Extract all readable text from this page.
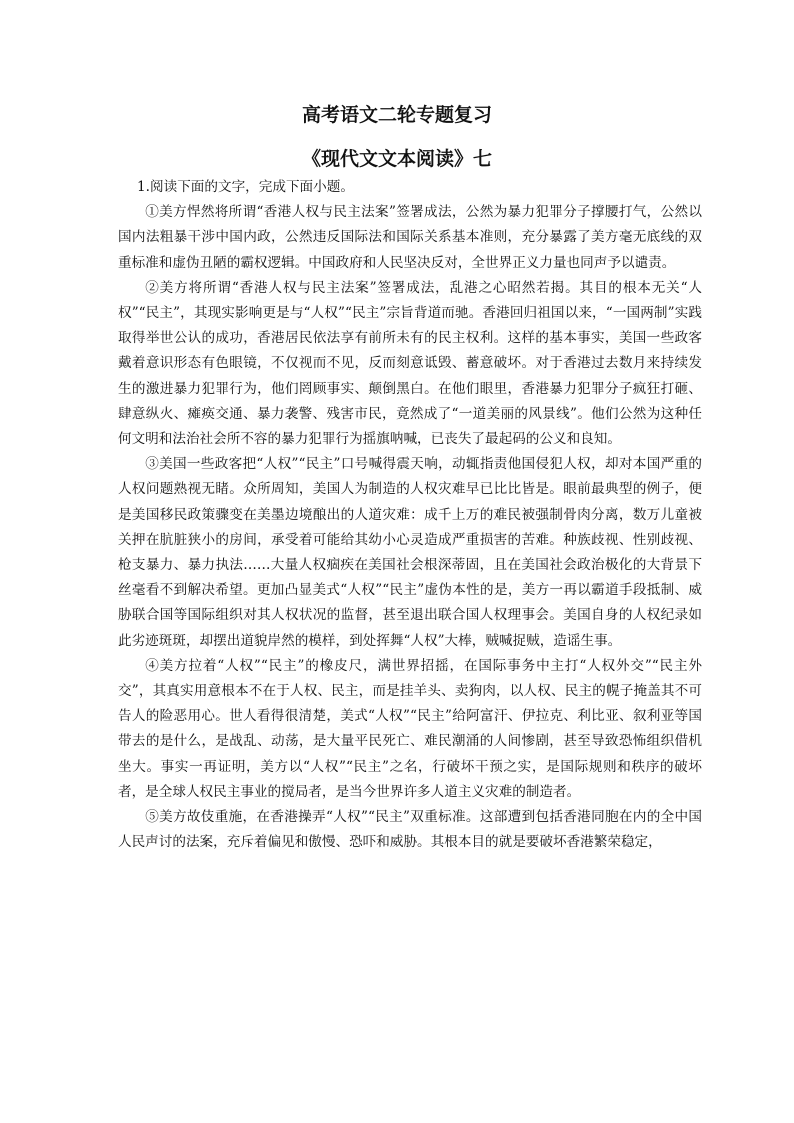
高考语文二轮专题复习
《现代文文本阅读》七

1.阅读下面的文字，完成下面小题。

①美方悍然将所谓“香港人权与民主法案”签署成法，公然为暴力犯罪分子撑腰打气，公然以国内法粗暴干涉中国内政，公然违反国际法和国际关系基本准则，充分暴露了美方毫无底线的双重标准和虚伪丑陋的霸权逻辑。中国政府和人民坚决反对，全世界正义力量也同声予以谴责。

②美方将所谓“香港人权与民主法案”签署成法，乱港之心昭然若揭。其目的根本无关“人权”“民主”，其现实影响更是与“人权”“民主”宗旨背道而驰。香港回归祖国以来，“一国两制”实践取得举世公认的成功，香港居民依法享有前所未有的民主权利。这样的基本事实，美国一些政客戴着意识形态有色眼镜，不仅视而不见，反而刻意诋毁、蓄意破坏。对于香港过去数月来持续发生的激进暴力犯罪行为，他们罔顾事实、颠倒黑白。在他们眼里，香港暴力犯罪分子疯狂打砸、肆意纵火、瘫痪交通、暴力袭警、残害市民，竟然成了“一道美丽的风景线”。他们公然为这种任何文明和法治社会所不容的暴力犯罪行为摇旗呐喊，已丧失了最起码的公义和良知。

③美国一些政客把“人权”“民主”口号喊得震天响，动辄指责他国侵犯人权，却对本国严重的人权问题熟视无睹。众所周知，美国人为制造的人权灾难早已比比皆是。眼前最典型的例子，便是美国移民政策骤变在美墨边境酿出的人道灾难：成千上万的难民被强制骨肉分离，数万儿童被关押在肮脏狭小的房间，承受着可能给其幼小心灵造成严重损害的苦难。种族歧视、性别歧视、枪支暴力、暴力执法……大量人权痼疾在美国社会根深蒂固，且在美国社会政治极化的大背景下丝毫看不到解决希望。更加凸显美式“人权”“民主”虚伪本性的是，美方一再以霸道手段抵制、威胁联合国等国际组织对其人权状况的监督，甚至退出联合国人权理事会。美国自身的人权纪录如此劣迹斑斑，却摆出道貌岸然的模样，到处挥舞“人权”大棒，贼喊捉贼，造谣生事。

④美方拉着“人权”“民主”的橡皮尺，满世界招摇，在国际事务中主打“人权外交”“民主外交”，其真实用意根本不在于人权、民主，而是挂羊头、卖狗肉，以人权、民主的幌子掩盖其不可告人的险恶用心。世人看得很清楚，美式“人权”“民主”给阿富汗、伊拉克、利比亚、叙利亚等国带去的是什么，是战乱、动荡，是大量平民死亡、难民潮涌的人间惨剧，甚至导致恐怖组织借机坐大。事实一再证明，美方以“人权”“民主”之名，行破坏干预之实，是国际规则和秩序的破坏者，是全球人权民主事业的搅局者，是当今世界许多人道主义灾难的制造者。

⑤美方故伎重施，在香港操弄“人权”“民主”双重标准。这部遭到包括香港同胞在内的全中国人民声讨的法案，充斥着偏见和傲慢、恐吓和威胁。其根本目的就是要破坏香港繁荣稳定，
